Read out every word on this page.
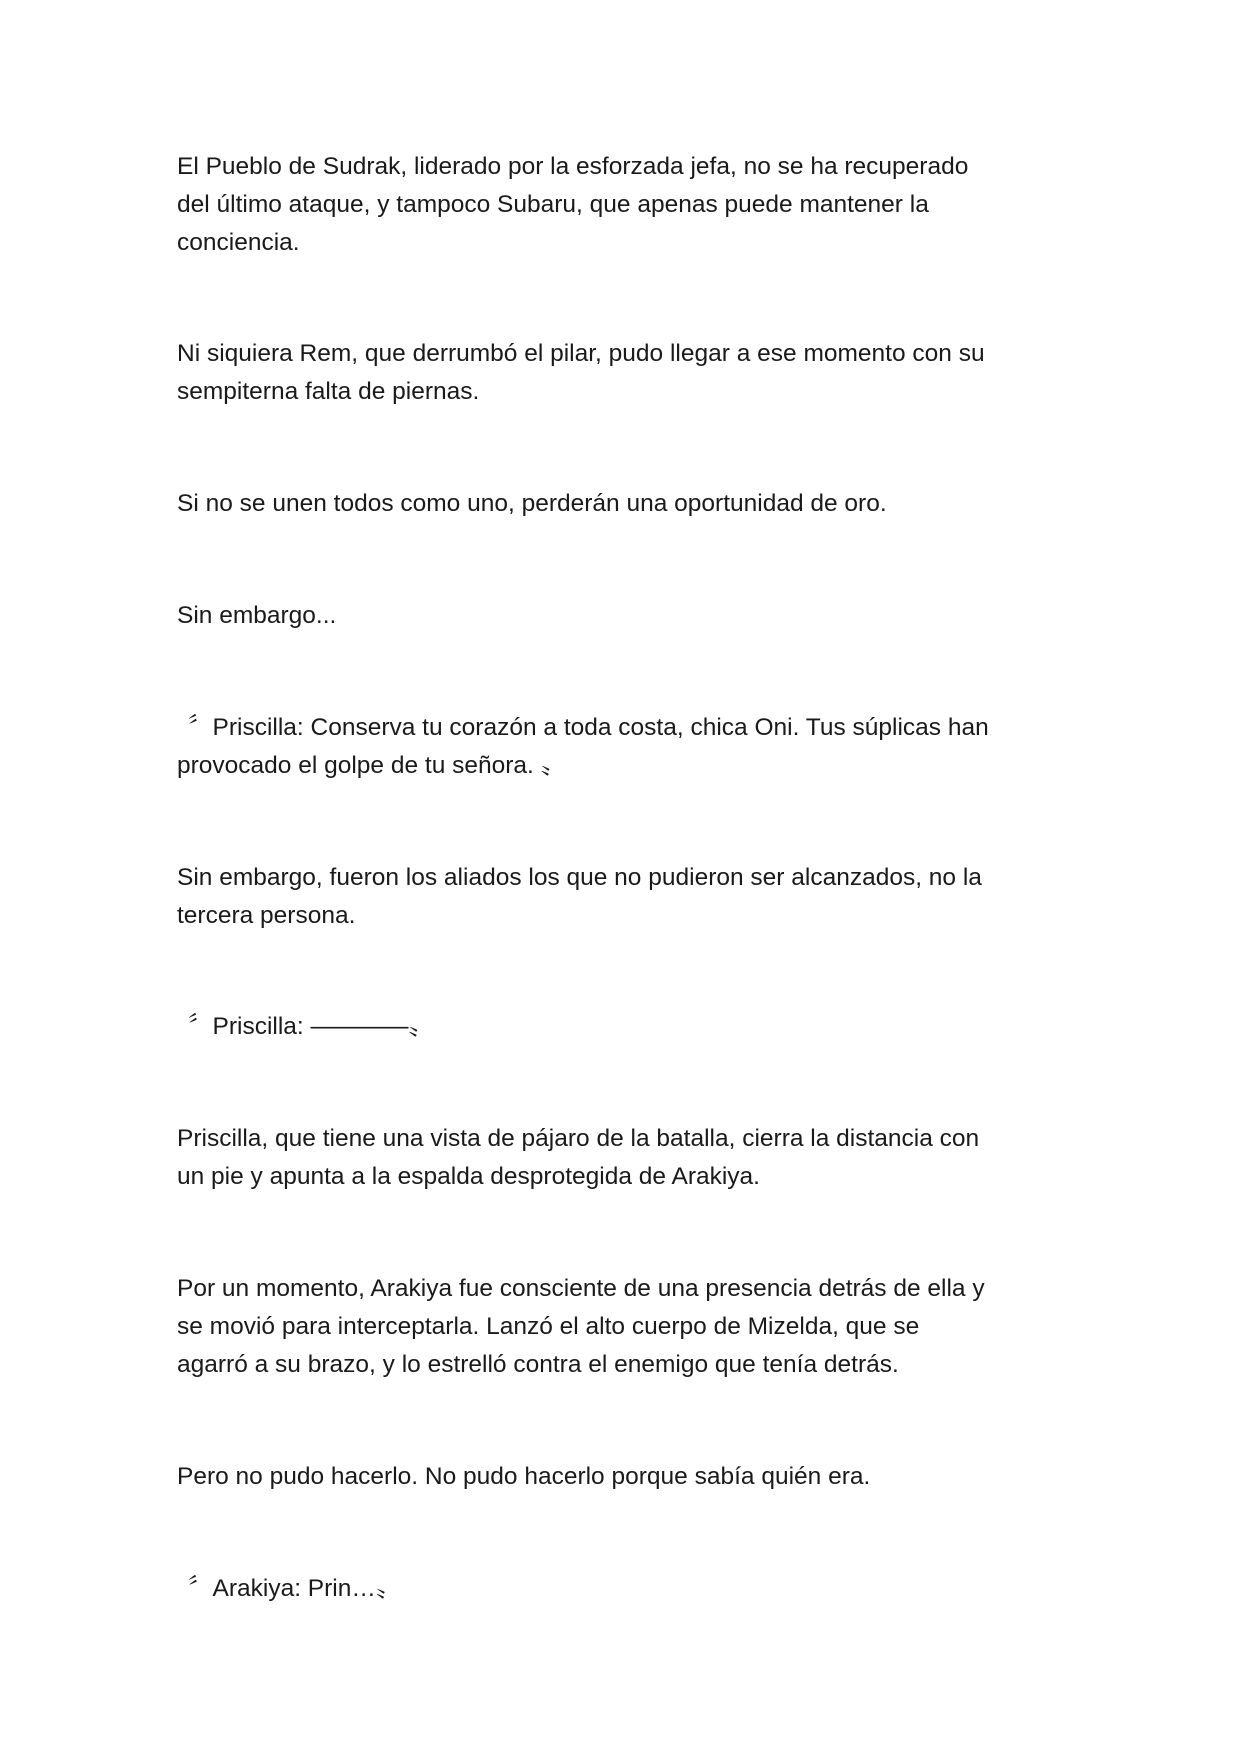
El Pueblo de Sudrak, liderado por la esforzada jefa, no se ha recuperado
del último ataque, y tampoco Subaru, que apenas puede mantener la
conciencia.

Ni siquiera Rem, que derrumbó el pilar, pudo llegar a ese momento con su
sempiterna falta de piernas.

Si no se unen todos como uno, perderán una oportunidad de oro.

Sin embargo...

〞Priscilla: Conserva tu corazón a toda costa, chica Oni. Tus súplicas han

provocado el golpe de tu señora. 〟

Sin embargo, fueron los aliados los que no pudieron ser alcanzados, no la
tercera persona.

〞Priscilla: ――――〟

Priscilla, que tiene una vista de pájaro de la batalla, cierra la distancia con
un pie y apunta a la espalda desprotegida de Arakiya.

Por un momento, Arakiya fue consciente de una presencia detrás de ella y
se movió para interceptarla. Lanzó el alto cuerpo de Mizelda, que se
agarró a su brazo, y lo estrelló contra el enemigo que tenía detrás.

Pero no pudo hacerlo. No pudo hacerlo porque sabía quién era.

〞Arakiya: Prin…〟
